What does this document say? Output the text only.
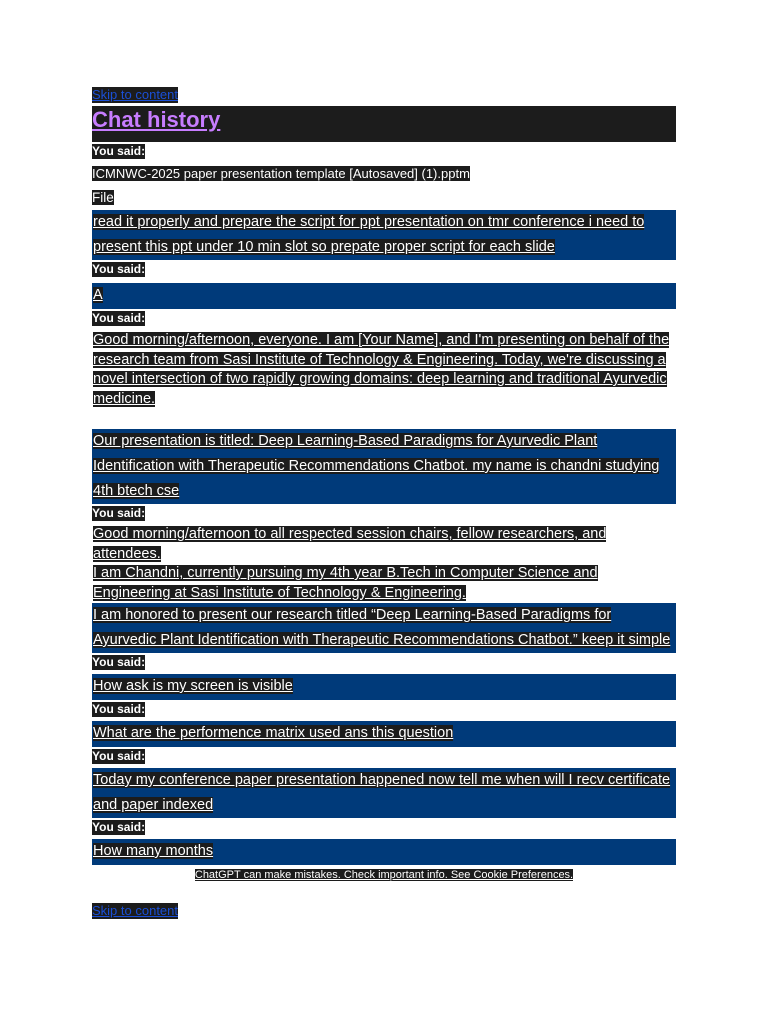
Skip to content
Chat history
You said:
ICMNWC-2025 paper presentation template [Autosaved] (1).pptm
File
read it properly and prepare the script for ppt presentation on tmr conference i need to present this ppt under 10 min slot so prepate proper script for each slide
You said:
A
You said:
Good morning/afternoon, everyone. I am [Your Name], and I'm presenting on behalf of the research team from Sasi Institute of Technology & Engineering. Today, we're discussing a novel intersection of two rapidly growing domains: deep learning and traditional Ayurvedic medicine.
Our presentation is titled: Deep Learning-Based Paradigms for Ayurvedic Plant Identification with Therapeutic Recommendations Chatbot. my name is chandni studying 4th btech cse
You said:
Good morning/afternoon to all respected session chairs, fellow researchers, and attendees.
I am Chandni, currently pursuing my 4th year B.Tech in Computer Science and Engineering at Sasi Institute of Technology & Engineering.
I am honored to present our research titled “Deep Learning-Based Paradigms for Ayurvedic Plant Identification with Therapeutic Recommendations Chatbot.” keep it simple
You said:
How ask is my screen is visible
You said:
What are the performence matrix used ans this question
You said:
Today my conference paper presentation happened now tell me when will I recv certificate and paper indexed
You said:
How many months
ChatGPT can make mistakes. Check important info. See Cookie Preferences.
Skip to content
